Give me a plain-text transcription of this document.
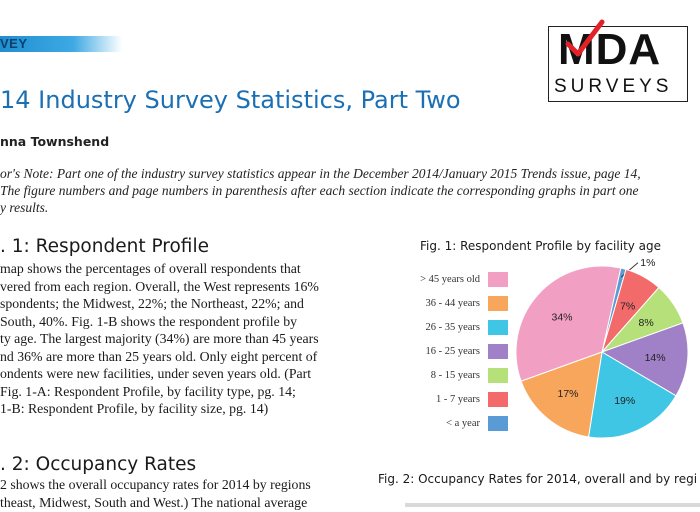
VEY	MDA
SURVEYS
14 Industry Survey Statistics, Part Two
nna Townshend
or's Note: Part one of the industry survey statistics appear in the December 2014/January 2015 Trends issue, page 14,
The figure numbers and page numbers in parenthesis after each section indicate the corresponding graphs in part one
y results.
. 1: Respondent Profile
map shows the percentages of overall respondents that
vered from each region. Overall, the West represents 16%
spondents; the Midwest, 22%; the Northeast, 22%; and
South, 40%. Fig. 1-B shows the respondent profile by
ty age. The largest majority (34%) are more than 45 years
nd 36% are more than 25 years old. Only eight percent of
ondents were new facilities, under seven years old. (Part
Fig. 1-A: Respondent Profile, by facility type, pg. 14;
1-B: Respondent Profile, by facility size, pg. 14)
. 2: Occupancy Rates
2 shows the overall occupancy rates for 2014 by regions
theast, Midwest, South and West.) The national average
Fig. 1: Respondent Profile by facility age
> 45 years old
36 - 44 years
26 - 35 years
16 - 25 years
8 - 15 years
1 - 7 years
< a year
1%
7%
8%
14%
19%
17%
34%
Fig. 2: Occupancy Rates for 2014, overall and by regi
